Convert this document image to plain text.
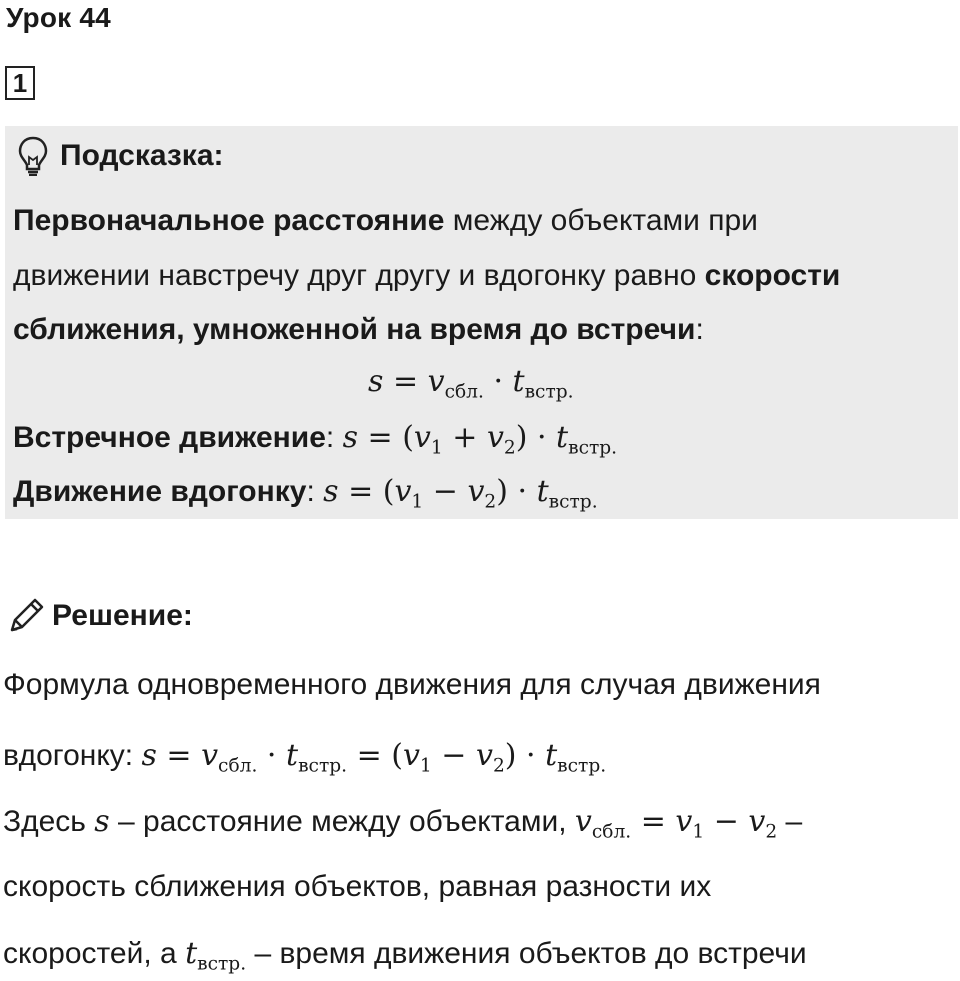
Урок 44
1
Подсказка:
Первоначальное расстояние между объектами при
движении навстречу друг другу и вдогонку равно скорости
сближения, умноженной на время до встречи:
$s = v_{сбл.} \cdot t_{встр.}$
Встречное движение: $s = (v_1 + v_2) \cdot t_{встр.}$
Движение вдогонку: $s = (v_1 - v_2) \cdot t_{встр.}$
Решение:
Формула одновременного движения для случая движения
вдогонку: $s = v_{сбл.} \cdot t_{встр.} = (v_1 - v_2) \cdot t_{встр.}$
Здесь s – расстояние между объектами, $v_{сбл.} = v_1 - v_2$ –
скорость сближения объектов, равная разности их
скоростей, а $t_{встр.}$ – время движения объектов до встречи
